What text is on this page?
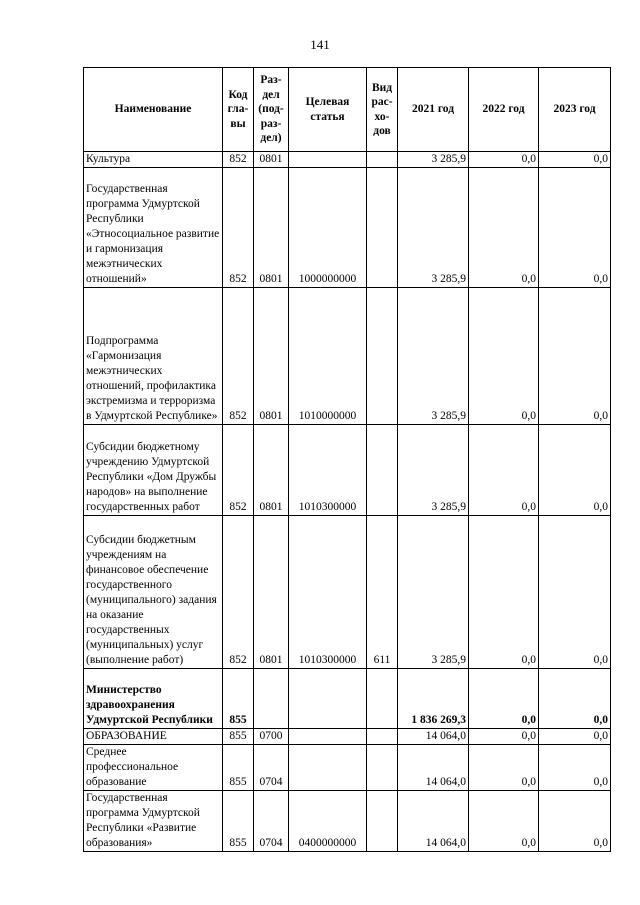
141
Наименование	Код гла-вы	Раз-дел (под-раз-дел)	Целевая статья	Вид рас-хо-дов	2021 год	2022 год	2023 год
Культура	852	0801			3 285,9	0,0	0,0
Государственная программа Удмуртской Республики «Этносоциальное развитие и гармонизация межэтнических отношений»	852	0801	1000000000		3 285,9	0,0	0,0
Подпрограмма «Гармонизация межэтнических отношений, профилактика экстремизма и терроризма в Удмуртской Республике»	852	0801	1010000000		3 285,9	0,0	0,0
Субсидии бюджетному учреждению Удмуртской Республики «Дом Дружбы народов» на выполнение государственных работ	852	0801	1010300000		3 285,9	0,0	0,0
Субсидии бюджетным учреждениям на финансовое обеспечение государственного (муниципального) задания на оказание государственных (муниципальных) услуг (выполнение работ)	852	0801	1010300000	611	3 285,9	0,0	0,0
Министерство здравоохранения Удмуртской Республики	855				1 836 269,3	0,0	0,0
ОБРАЗОВАНИЕ	855	0700			14 064,0	0,0	0,0
Среднее профессиональное образование	855	0704			14 064,0	0,0	0,0
Государственная программа Удмуртской Республики «Развитие образования»	855	0704	0400000000		14 064,0	0,0	0,0
